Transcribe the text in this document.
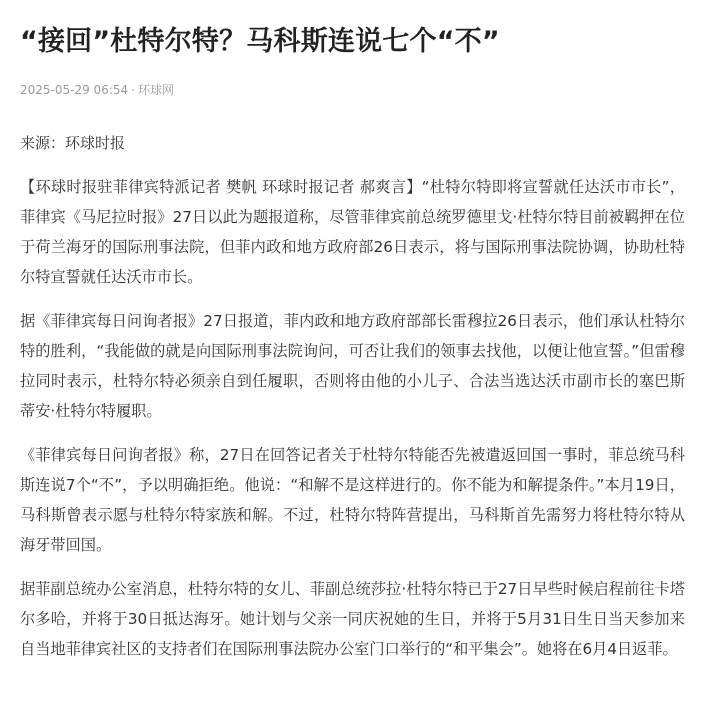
“接回”杜特尔特？马科斯连说七个“不”
2025-05-29 06:54 · 环球网
来源：环球时报

【环球时报驻菲律宾特派记者 樊帆 环球时报记者 郝爽言】“杜特尔特即将宣誓就任达沃市市长”，菲律宾《马尼拉时报》27日以此为题报道称，尽管菲律宾前总统罗德里戈·杜特尔特目前被羁押在位于荷兰海牙的国际刑事法院，但菲内政和地方政府部26日表示，将与国际刑事法院协调，协助杜特尔特宣誓就任达沃市市长。

据《菲律宾每日问询者报》27日报道，菲内政和地方政府部部长雷穆拉26日表示，他们承认杜特尔特的胜利，“我能做的就是向国际刑事法院询问，可否让我们的领事去找他，以便让他宣誓。”但雷穆拉同时表示，杜特尔特必须亲自到任履职，否则将由他的小儿子、合法当选达沃市副市长的塞巴斯蒂安·杜特尔特履职。

《菲律宾每日问询者报》称，27日在回答记者关于杜特尔特能否先被遣返回国一事时，菲总统马科斯连说7个“不”，予以明确拒绝。他说：“和解不是这样进行的。你不能为和解提条件。”本月19日，马科斯曾表示愿与杜特尔特家族和解。不过，杜特尔特阵营提出，马科斯首先需努力将杜特尔特从海牙带回国。

据菲副总统办公室消息，杜特尔特的女儿、菲副总统莎拉·杜特尔特已于27日早些时候启程前往卡塔尔多哈，并将于30日抵达海牙。她计划与父亲一同庆祝她的生日，并将于5月31日生日当天参加来自当地菲律宾社区的支持者们在国际刑事法院办公室门口举行的“和平集会”。她将在6月4日返菲。
